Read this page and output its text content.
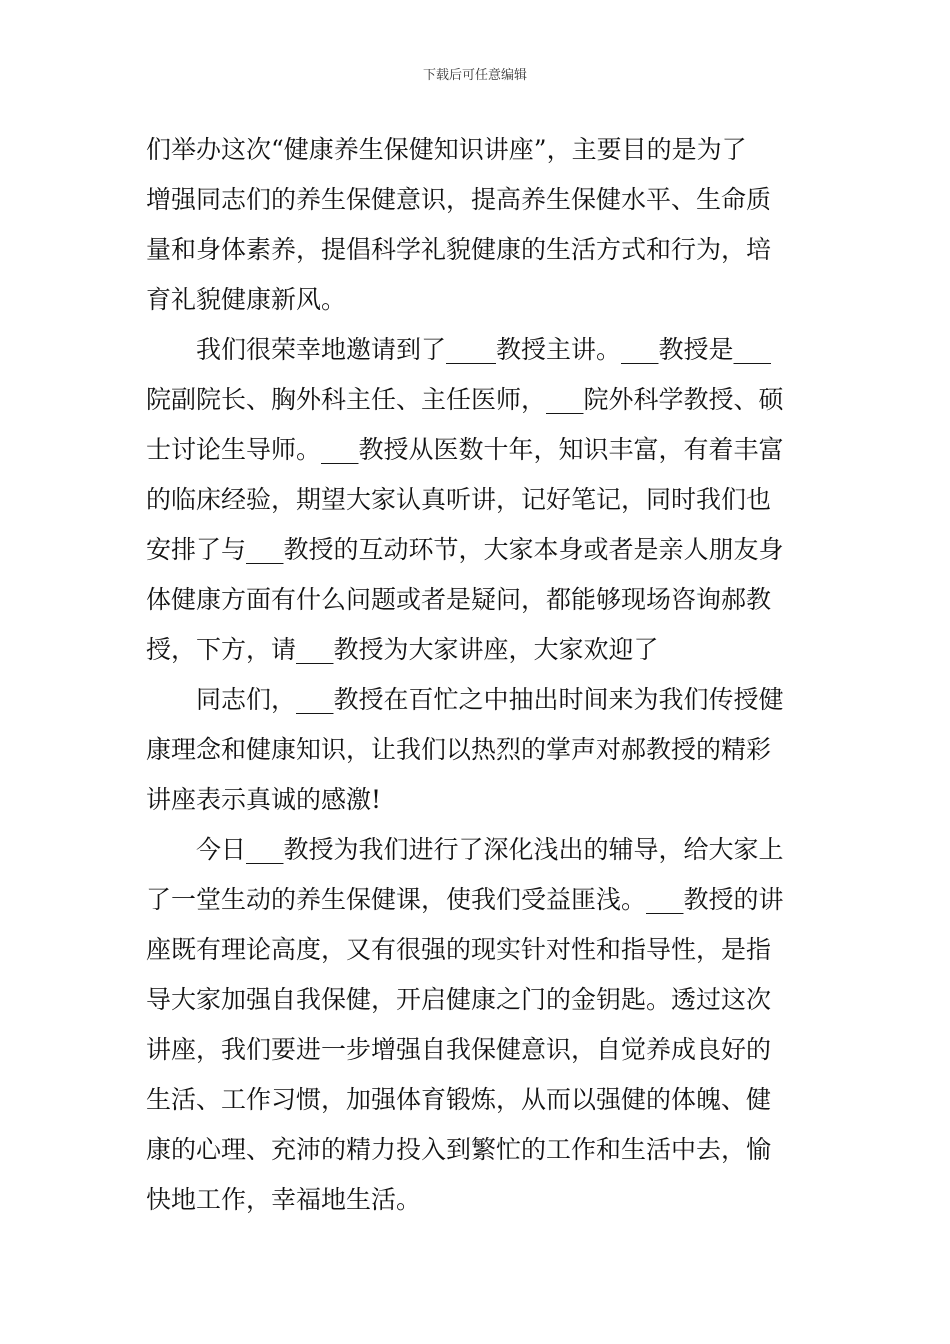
下载后可任意编辑
们举办这次“健康养生保健知识讲座”，主要目的是为了
增强同志们的养生保健意识，提高养生保健水平、生命质
量和身体素养，提倡科学礼貌健康的生活方式和行为，培
育礼貌健康新风。
我们很荣幸地邀请到了____教授主讲。___教授是___
院副院长、胸外科主任、主任医师，___院外科学教授、硕
士讨论生导师。___教授从医数十年，知识丰富，有着丰富
的临床经验，期望大家认真听讲，记好笔记，同时我们也
安排了与___教授的互动环节，大家本身或者是亲人朋友身
体健康方面有什么问题或者是疑问，都能够现场咨询郝教
授，下方，请___教授为大家讲座，大家欢迎了
同志们，___教授在百忙之中抽出时间来为我们传授健
康理念和健康知识，让我们以热烈的掌声对郝教授的精彩
讲座表示真诚的感激!
今日___教授为我们进行了深化浅出的辅导，给大家上
了一堂生动的养生保健课，使我们受益匪浅。___教授的讲
座既有理论高度，又有很强的现实针对性和指导性，是指
导大家加强自我保健，开启健康之门的金钥匙。透过这次
讲座，我们要进一步增强自我保健意识，自觉养成良好的
生活、工作习惯，加强体育锻炼，从而以强健的体魄、健
康的心理、充沛的精力投入到繁忙的工作和生活中去，愉
快地工作，幸福地生活。
